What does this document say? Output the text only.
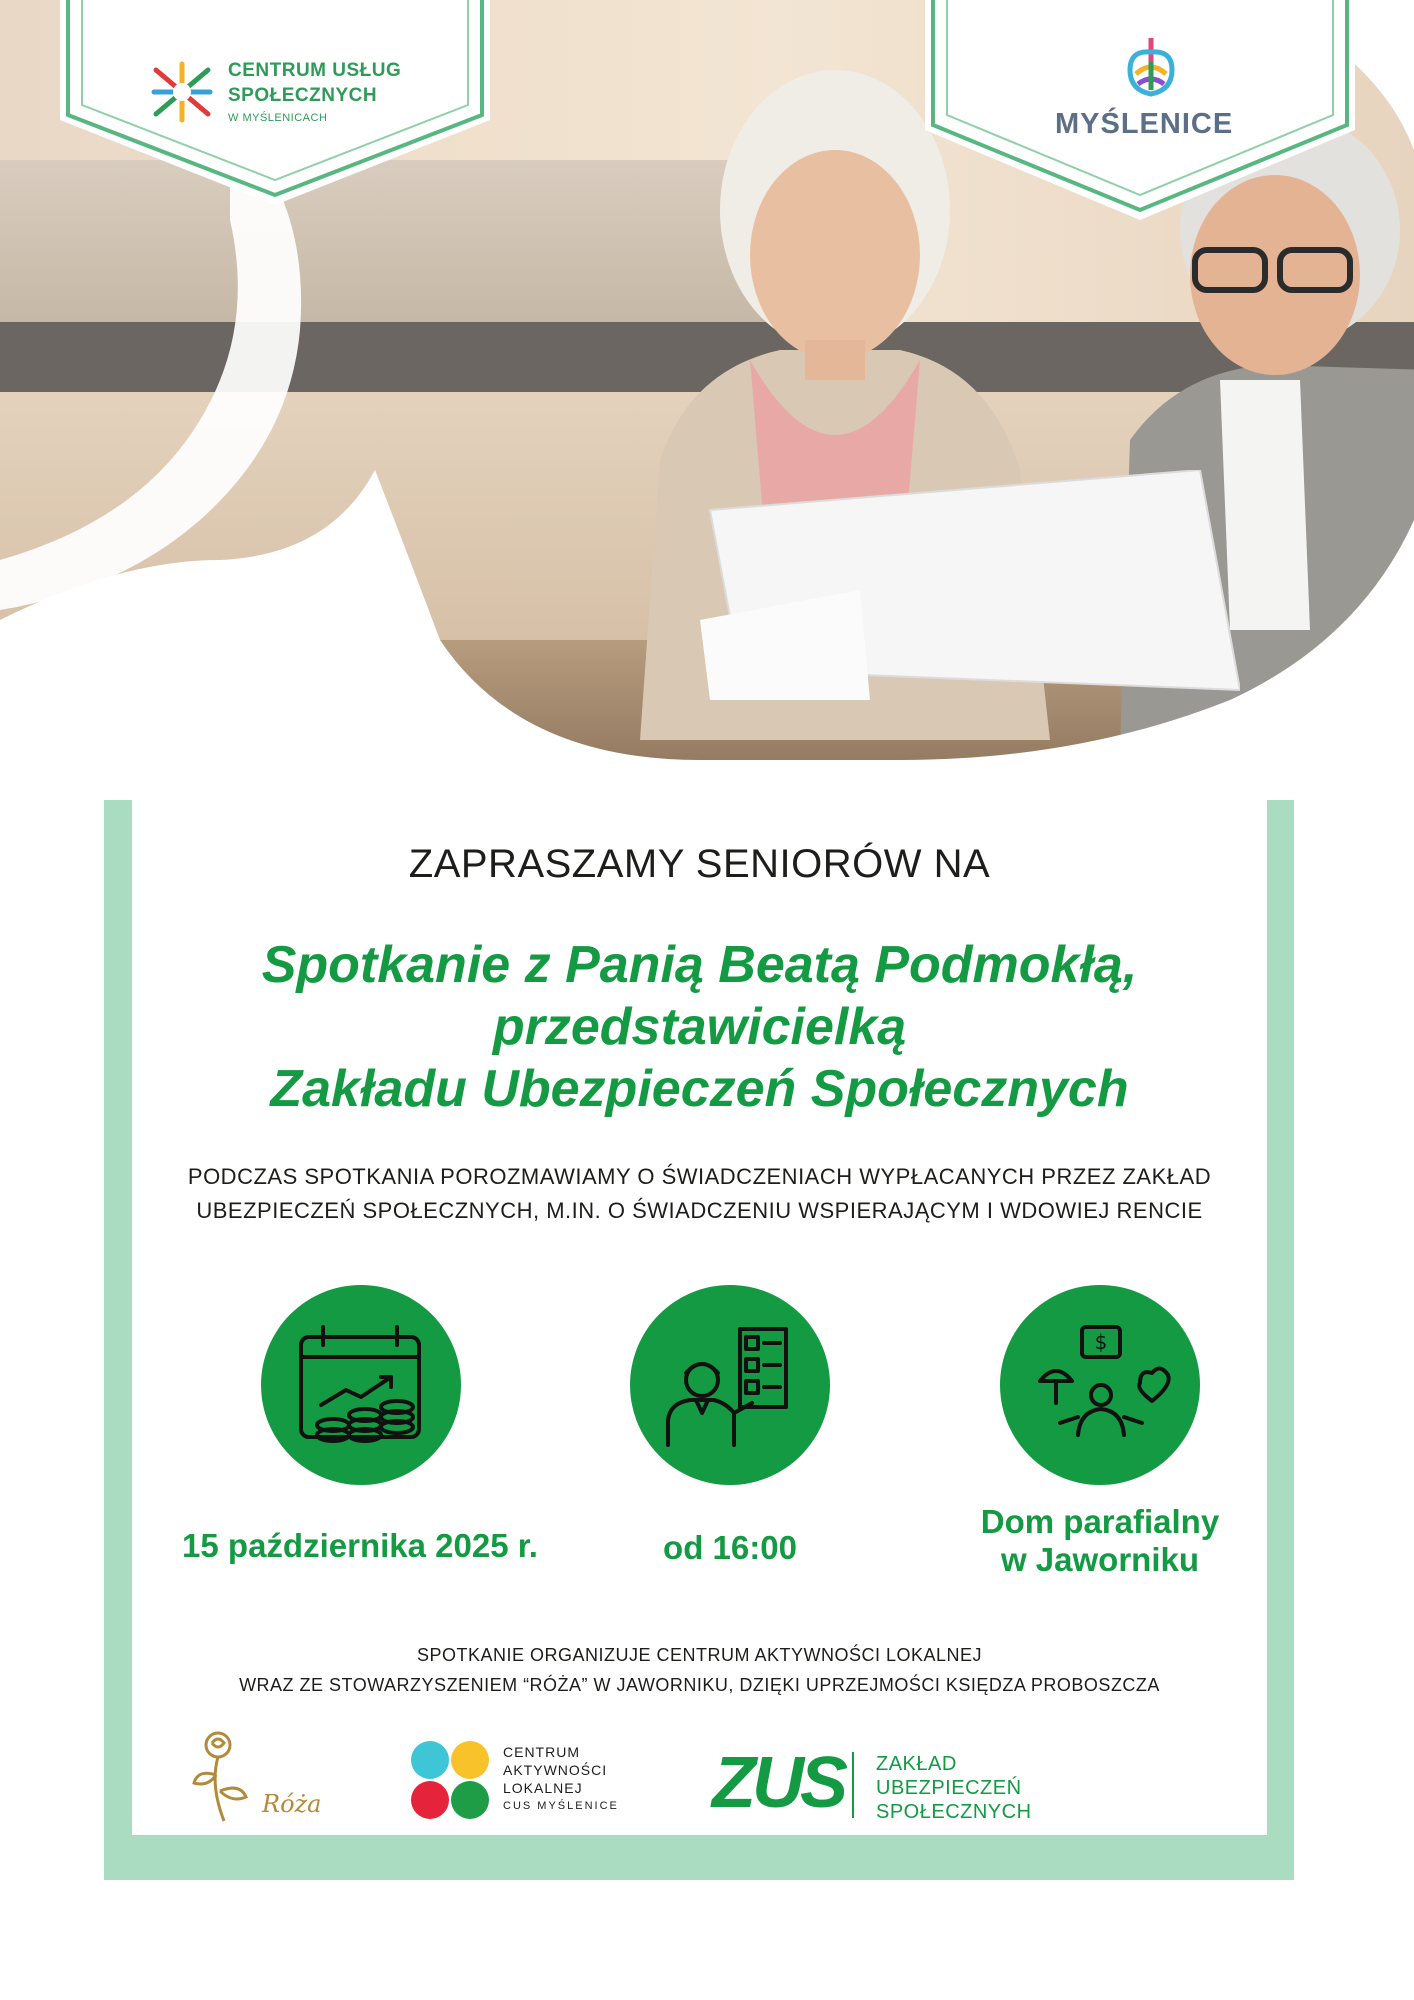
CENTRUM USŁUG
SPOŁECZNYCH
W MYŚLENICACH	MYŚLENICE
ZAPRASZAMY SENIORÓW NA
Spotkanie z Panią Beatą Podmokłą,
przedstawicielką
Zakładu Ubezpieczeń Społecznych
PODCZAS SPOTKANIA POROZMAWIAMY O ŚWIADCZENIACH WYPŁACANYCH PRZEZ ZAKŁAD
UBEZPIECZEŃ SPOŁECZNYCH, M.IN. O ŚWIADCZENIU WSPIERAJĄCYM I WDOWIEJ RENCIE
$
15 października 2025 r.	od 16:00
Dom parafialny
w Jaworniku
SPOTKANIE ORGANIZUJE CENTRUM AKTYWNOŚCI LOKALNEJ
WRAZ ZE STOWARZYSZENIEM “RÓŻA” W JAWORNIKU, DZIĘKI UPRZEJMOŚCI KSIĘDZA PROBOSZCZA
Róża
CENTRUM
AKTYWNOŚCI
LOKALNEJ
CUS MYŚLENICE ZUS ZAKŁAD
UBEZPIECZEŃ
SPOŁECZNYCH
